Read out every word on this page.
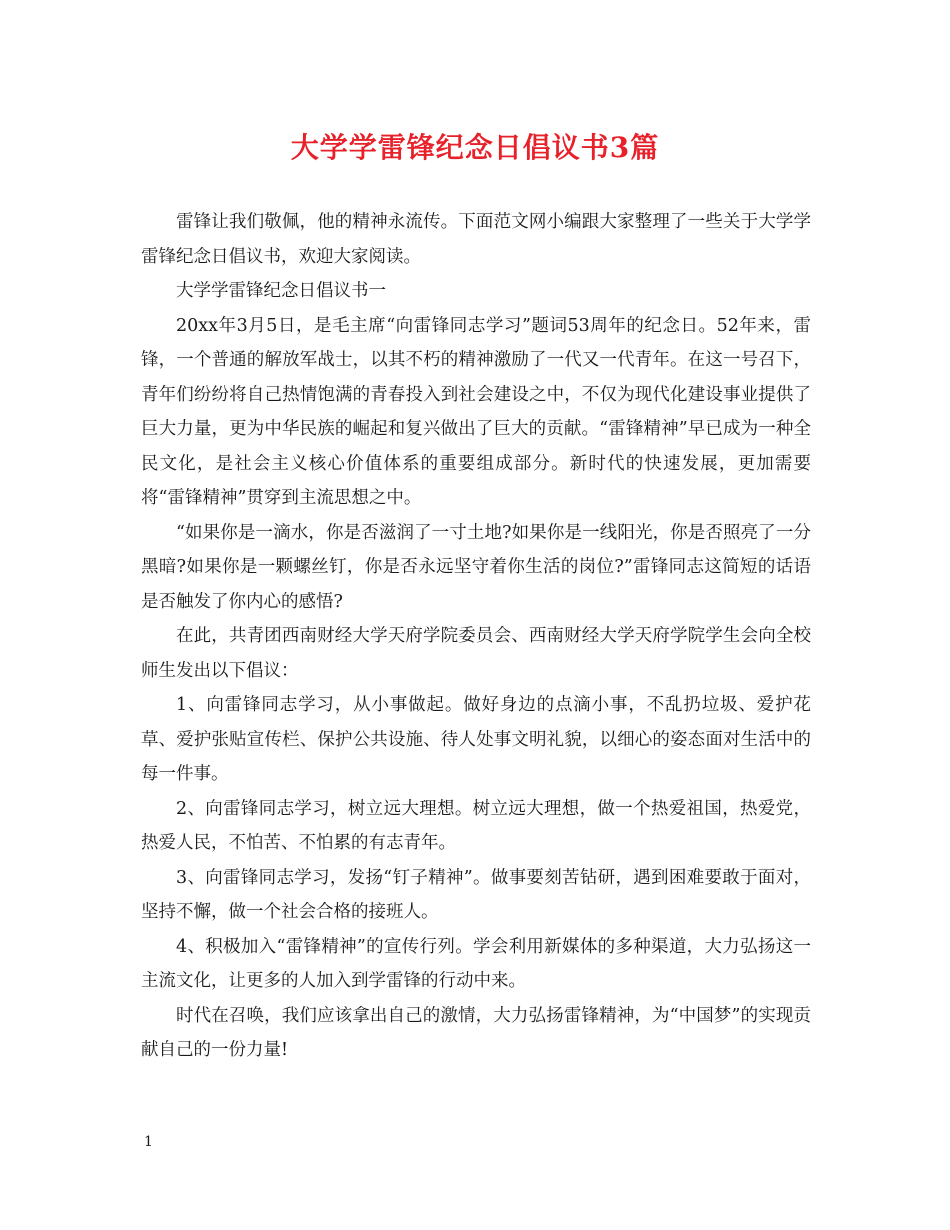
大学学雷锋纪念日倡议书3篇

雷锋让我们敬佩，他的精神永流传。下面范文网小编跟大家整理了一些关于大学学雷锋纪念日倡议书，欢迎大家阅读。

大学学雷锋纪念日倡议书一

20xx年3月5日，是毛主席“向雷锋同志学习”题词53周年的纪念日。52年来，雷锋，一个普通的解放军战士，以其不朽的精神激励了一代又一代青年。在这一号召下，青年们纷纷将自己热情饱满的青春投入到社会建设之中，不仅为现代化建设事业提供了巨大力量，更为中华民族的崛起和复兴做出了巨大的贡献。“雷锋精神”早已成为一种全民文化，是社会主义核心价值体系的重要组成部分。新时代的快速发展，更加需要将“雷锋精神”贯穿到主流思想之中。

“如果你是一滴水，你是否滋润了一寸土地?如果你是一线阳光，你是否照亮了一分黑暗?如果你是一颗螺丝钉，你是否永远坚守着你生活的岗位?”雷锋同志这简短的话语是否触发了你内心的感悟?

在此，共青团西南财经大学天府学院委员会、西南财经大学天府学院学生会向全校师生发出以下倡议：

1、向雷锋同志学习，从小事做起。做好身边的点滴小事，不乱扔垃圾、爱护花草、爱护张贴宣传栏、保护公共设施、待人处事文明礼貌，以细心的姿态面对生活中的每一件事。

2、向雷锋同志学习，树立远大理想。树立远大理想，做一个热爱祖国，热爱党，热爱人民，不怕苦、不怕累的有志青年。

3、向雷锋同志学习，发扬“钉子精神”。做事要刻苦钻研，遇到困难要敢于面对，坚持不懈，做一个社会合格的接班人。

4、积极加入“雷锋精神”的宣传行列。学会利用新媒体的多种渠道，大力弘扬这一主流文化，让更多的人加入到学雷锋的行动中来。

时代在召唤，我们应该拿出自己的激情，大力弘扬雷锋精神，为“中国梦”的实现贡献自己的一份力量!

1
